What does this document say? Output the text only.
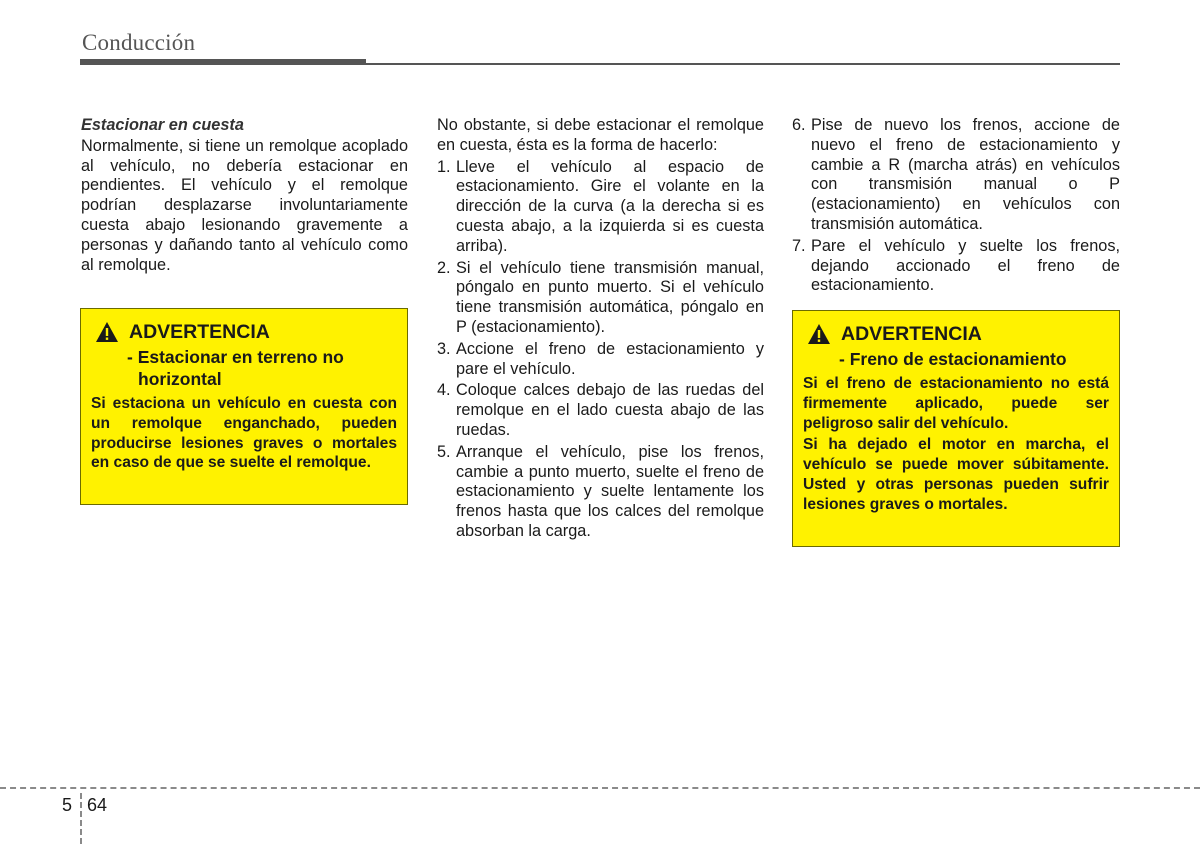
Conducción

Estacionar en cuesta

Normalmente, si tiene un remolque acoplado al vehículo, no debería estacionar en pendientes. El vehículo y el remolque podrían desplazarse involuntariamente cuesta abajo lesionando gravemente a personas y dañando tanto al vehículo como al remolque.

ADVERTENCIA
- Estacionar en terreno no horizontal
Si estaciona un vehículo en cuesta con un remolque enganchado, pueden producirse lesiones graves o mortales en caso de que se suelte el remolque.

No obstante, si debe estacionar el remolque en cuesta, ésta es la forma de hacerlo:

1. Lleve el vehículo al espacio de estacionamiento. Gire el volante en la dirección de la curva (a la derecha si es cuesta abajo, a la izquierda si es cuesta arriba).
2. Si el vehículo tiene transmisión manual, póngalo en punto muerto. Si el vehículo tiene transmisión automática, póngalo en P (estacionamiento).
3. Accione el freno de estacionamiento y pare el vehículo.
4. Coloque calces debajo de las ruedas del remolque en el lado cuesta abajo de las ruedas.
5. Arranque el vehículo, pise los frenos, cambie a punto muerto, suelte el freno de estacionamiento y suelte lentamente los frenos hasta que los calces del remolque absorban la carga.
6. Pise de nuevo los frenos, accione de nuevo el freno de estacionamiento y cambie a R (marcha atrás) en vehículos con transmisión manual o P (estacionamiento) en vehículos con transmisión automática.
7. Pare el vehículo y suelte los frenos, dejando accionado el freno de estacionamiento.
ADVERTENCIA
- Freno de estacionamiento
Si el freno de estacionamiento no está firmemente aplicado, puede ser peligroso salir del vehículo.
Si ha dejado el motor en marcha, el vehículo se puede mover súbitamente. Usted y otras personas pueden sufrir lesiones graves o mortales.
5 64
